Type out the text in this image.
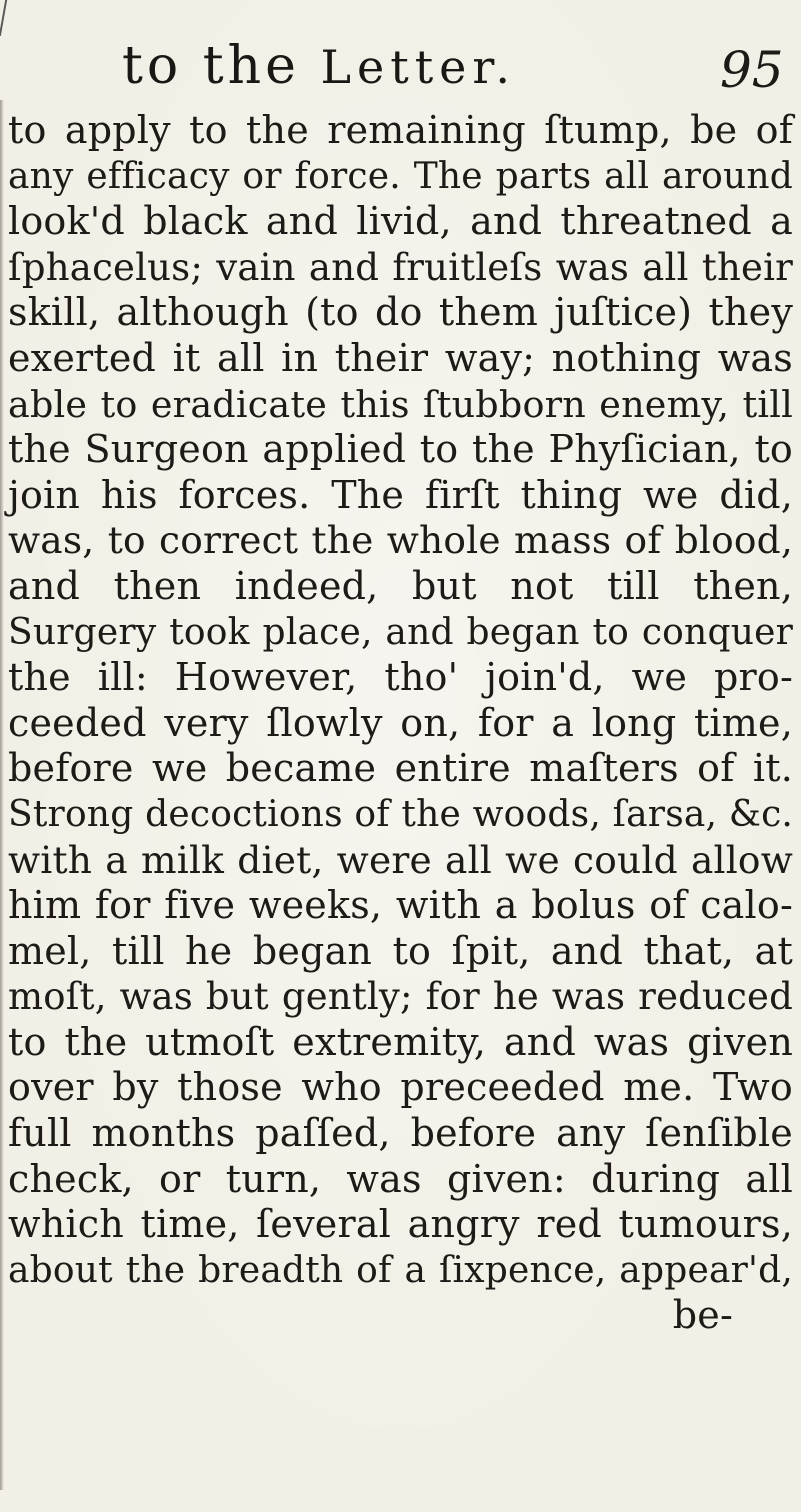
to the Letter.	95
to apply to the remaining ſtump, be of
any efficacy or force. The parts all around
look'd black and livid, and threatned a
ſphacelus; vain and fruitleſs was all their
skill, although (to do them juſtice) they
exerted it all in their way; nothing was
able to eradicate this ſtubborn enemy, till
the Surgeon applied to the Phyſician, to
join his forces. The firſt thing we did,
was, to correct the whole mass of blood,
and then indeed, but not till then,
Surgery took place, and began to conquer
the ill: However, tho' join'd, we pro-
ceeded very ſlowly on, for a long time,
before we became entire maſters of it.
Strong decoctions of the woods, ſarsa, &c.
with a milk diet, were all we could allow
him for five weeks, with a bolus of calo-
mel, till he began to ſpit, and that, at
moſt, was but gently; for he was reduced
to the utmoſt extremity, and was given
over by those who preceeded me. Two
full months paſſed, before any ſenſible
check, or turn, was given: during all
which time, ſeveral angry red tumours,
about the breadth of a ſixpence, appear'd,
be-
